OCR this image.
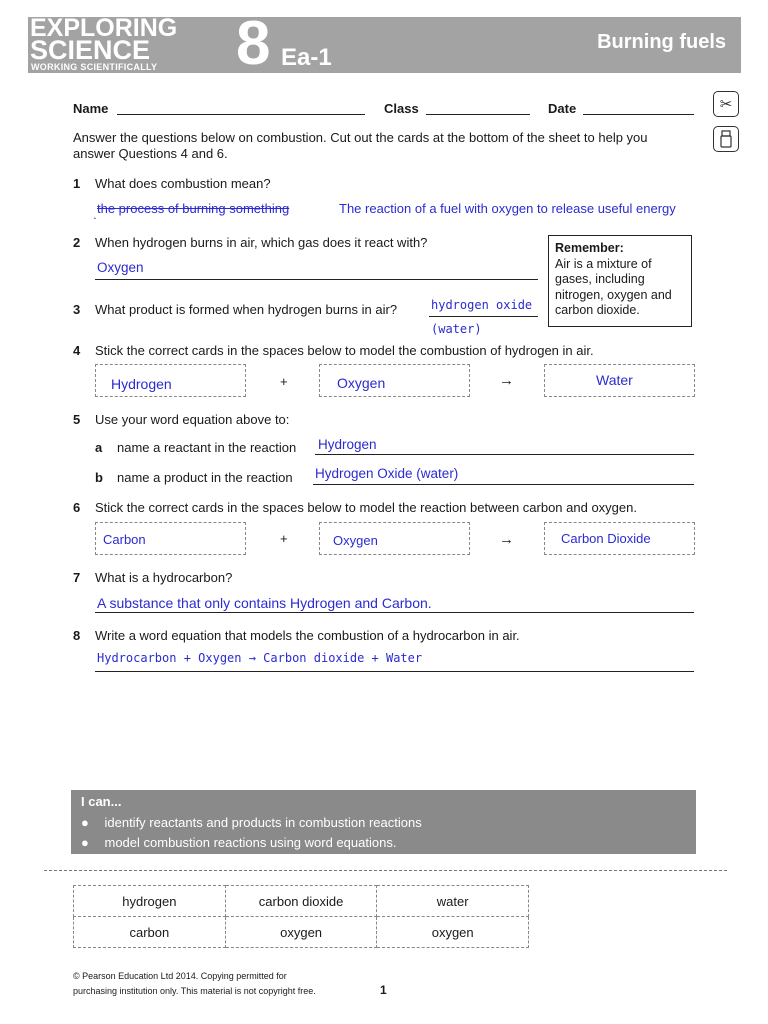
EXPLORING
SCIENCE
WORKING SCIENTIFICALLY 8 Ea-1
Burning fuels
✂
Name	Class	Date
Answer the questions below on combustion. Cut out the cards at the bottom of the sheet to help you answer Questions 4 and 6.
1 What does combustion mean?
the process of burning something	The reaction of a fuel with oxygen to release useful energy
˰
Remember:
Air is a mixture of gases, including nitrogen, oxygen and carbon dioxide.
2 When hydrogen burns in air, which gas does it react with?
Oxygen
3 What product is formed when hydrogen burns in air?	hydrogen oxide
(water)
4 Stick the correct cards in the spaces below to model the combustion of hydrogen in air.
Hydrogen	+	Oxygen	→	Water
5 Use your word equation above to:
a name a reactant in the reaction Hydrogen
b name a product in the reaction Hydrogen Oxide (water)
6 Stick the correct cards in the spaces below to model the reaction between carbon and oxygen.
Carbon	+	Oxygen	→	Carbon Dioxide
7 What is a hydrocarbon?
A substance that only contains Hydrogen and Carbon.
8 Write a word equation that models the combustion of a hydrocarbon in air.
Hydrocarbon + Oxygen → Carbon dioxide + Water
I can...
● identify reactants and products in combustion reactions
● model combustion reactions using word equations.
hydrogen	carbon dioxide	water
carbon	oxygen	oxygen
© Pearson Education Ltd 2014. Copying permitted for
purchasing institution only. This material is not copyright free.	1
